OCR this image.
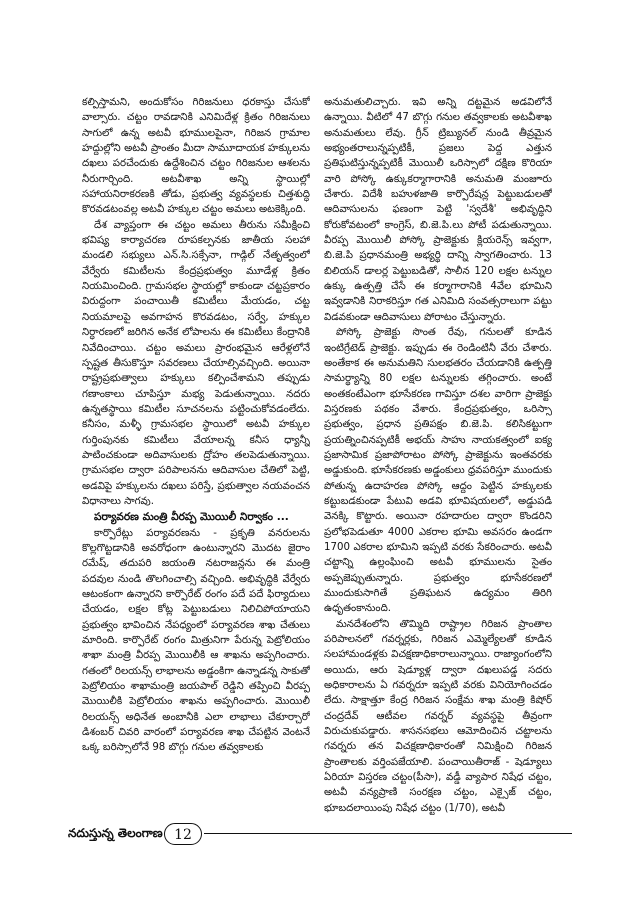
కల్పిస్తామని, అందుకోసం గిరిజనులు ధరకాస్తు చేసుకో వాల్సారు. చట్టం రావడానికి ఎనిమిదేళ్ల క్రితం గిరిజనులు సాగులో ఉన్న అటవీ భూములపైనా, గిరిజన గ్రామాల హద్దుల్లోని అటవీ ప్రాంతం మీదా సామూదాయక హక్కులను దఖలు పరచేందుకు ఉద్దేశించిన చట్టం గిరిజనుల ఆశలను నీరుగార్చింది. అటవీశాఖ అన్ని స్థాయిల్లో సహాయనిరాకరణకి తోడు, ప్రభుత్వ వ్యవస్థలకు చిత్తశుద్ధి కొరవడటంవల్ల అటవీ హక్కుల చట్టం అమలు అటకెక్కింది.

దేశ వ్యాప్తంగా ఈ చట్టం అమలు తీరును సమీక్షించి భవిష్య కార్యాచరణ రూపకల్పనకు జాతీయ సలహా మండలి సభ్యులు ఎన్.సి.సక్సేనా, గాడ్గిల్ నేతృత్వంలో వేర్వేరు కమిటీలను కేంద్రప్రభుత్వం మూడేళ్ల క్రితం నియమించింది. గ్రామసభల స్థాయల్లో కాకుండా చట్టప్రకారం విరుద్దంగా పంచాయితీ కమిటీలు మేయడం, చట్ట నియమాలపై అవగాహన కొరవడటం, సర్వే, హక్కుల నిర్ధారణలో జరిగిన అనేక లోపాలను ఈ కమిటీలు కేంద్రానికి నివేదించాయి. చట్టం అమలు ప్రారంభమైన ఆరేళ్లలోనే స్పష్టత తీసుకొస్తూ సవరణలు చేయాల్సివచ్చింది. అయినా రాష్ట్రప్రభుత్వాలు హక్కులు కల్పించేశామని తప్పుడు గణాంకాలు చూపిస్తూ మభ్య పెడుతున్నాయి. నదరు ఉన్నతస్థాయి కమిటీల సూచనలను పట్టించుకోవడంలేదు. కనీసం, మళ్ళీ గ్రామసభల స్థాయిలో అటవీ హక్కుల గుర్తింపునకు కమిటీలు వేయాలన్న కనీస ధ్యాన్నీ పాటించకుండా అదివాసులకు ద్రోహం తలపెడుతున్నాయి. గ్రామసభల ద్వారా పరిపాలనను ఆదివాసుల చేతిలో పెట్టి, అడవిపై హక్కులను దఖలు పరిస్తే, ప్రభుత్వాల నయవంచన విధానాలు సాగవు.

పర్యావరణ మంత్రి వీరప్ప మొయిలీ నిర్వాకం ...

కార్పొరేట్లు పర్యావరణను - ప్రకృతి వనరులను కొల్లగొట్టడానికి అవరోధంగా ఉంటున్నారని మొదట జైరాం రమేష్, తదుపరి జయంతి నటరాజన్లను ఈ మంత్రి పదవుల నుండి తొలగించాల్సి వచ్చింది. అభివృద్ధికి వేర్వేరు ఆటంకంగా ఉన్నారని కార్పొరేట్ రంగం పదే పదే ఫిర్యాదులు చేయడం, లక్షల కోట్ల పెట్టుబడులు నిలిచిపోయాయని ప్రభుత్వం భావించిన నేపధ్యంలో పర్యావరణ శాఖ చేతులు మారింది. కార్పొరేట్ రంగం మిత్రునిగా పేరున్న పెట్రోలియం శాఖా మంత్రి వీరప్ప మొయిలీకి ఆ శాఖను అప్పగించారు. గతంలో రిలయన్స్ లాభాలను అడ్డంకిగా ఉన్నాడన్న సాకుతో పెట్రోలియం శాఖామంత్రి జయపాల్ రెడ్డిని తప్పించి వీరప్ప మొయిలీకి పెట్రోలియం శాఖను అప్పగించారు. మొయిలీ రిలయన్స్ అధినేత అంబానీకి ఎలా లాభాలు చేకూర్చారో డిశంబర్ చివరి వారంలో పర్యావరణ శాఖ చేపట్టిన వెంటనే ఒక్క బరిస్సాలోనే 98 బొగ్గు గనుల తవ్వకాలకు

అనుమతులిచ్చారు. ఇవి అన్ని దట్టమైన అడవిలోనే ఉన్నాయి. వీటిలో 47 బొగ్గు గనుల తవ్వకాలకు అటవీశాఖ అనుమతులు లేవు. గ్రీన్ ట్రిబ్యునల్ నుండి తీవ్రమైన అభ్యంతరాలున్నప్పటికీ, ప్రజలు పెద్ద ఎత్తున ప్రతిఘటిస్తున్నప్పటికీ మొయిలీ ఒరిస్సాలో దక్షిణ కొరియా వారి పోస్కో ఉక్కుకర్మాగారానికి అనుమతి మంజూరు చేశారు. విదేశీ బహుళజాతి కార్పొరేషన్ల పెట్టుబడులతో ఆదివాసులను ఫణంగా పెట్టి 'స్వదేశీ' అభివృద్ధిని కోరుకోవటంలో కాంగ్రెస్, బి.జె.పి.లు పోటీ పడుతున్నాయి. వీరప్ప మొయిలీ పోస్కో ప్రాజెక్టుకు క్లియరెన్స్ ఇవ్వగా, బి.జె.పి ప్రధానమంత్రి అభ్యర్థి దాన్ని స్వాగతించారు. 13 బిలియన్ డాలర్ల పెట్టుబడితో, సాలీన 120 లక్షల టన్నుల ఉక్కు ఉత్పత్తి చేసే ఈ కర్మాగారానికి 4వేల భూమిని ఇవ్వడానికి నిరాకరిస్తూ గత ఎనిమిది సంవత్సరాలుగా పట్టు విడవకుండా ఆదివాసులు పోరాటం చేస్తున్నారు.

పోస్కో ప్రాజెక్టు సొంత రేవు, గనులతో కూడిన ఇంటిగ్రేటెడ్ ప్రాజెక్టు. ఇప్పుడు ఈ రెండింటినీ వేరు చేశారు. అంతేకాక ఈ అనుమతిని సులభతరం చేయడానికి ఉత్పత్తి సామర్థ్యాన్ని 80 లక్షల టన్నులకు తగ్గించారు. అంటే అంతకంటేఎంగా భూసేకరణ గావిస్తూ దశల వారిగా ప్రాజెక్టు విస్తరణకు పథకం వేశారు. కేంద్రప్రభుత్వం, ఒరిస్సా ప్రభుత్వం, ప్రధాన ప్రతిపక్షం బి.జె.పి. కలిసికట్టుగా ప్రయత్నించినప్పటికీ అభయ్ సాహు నాయకత్వంలో ఐక్య ప్రజాసామిక ప్రజాపోరాటం పోస్కో ప్రాజెక్టును ఇంతవరకు అడ్డుకుంది. భూసేకరణకు అడ్డంకులు ధ్రవపరిస్తూ ముందుకు పోతున్న ఉదాహరణ పోస్కో ఆద్దం పెట్టిన హక్కులకు కట్టుబడకుండా పేటువి అడవి భూవిషయలలో, అడ్డుపడి వెనక్కి కొట్టారు. అయినా రహదారుల ద్వారా కొండరిని ప్రలోభపెడుతూ 4000 ఎకరాల భూమి అవసరం ఉండగా 1700 ఎకరాల భూమిని ఇప్పటి వరకు సేకరించారు. అటవీ చట్టాన్ని ఉల్లంఘించి అటవీ భూములను సైతం అప్పజెప్పుతున్నారు. ప్రభుత్వం భూసేకరణలో ముందుకుసాగితే ప్రతిఘటన ఉద్యమం తిరిగి ఉధృతంకానుంది.

మనదేశంలోని తొమ్మిది రాష్ట్రాల గిరిజన ప్రాంతాల పరిపాలనలో గవర్నర్లకు, గిరిజన ఎమ్మెల్యేలతో కూడిన సలహామండళ్లకు విచక్షణాధికారాలున్నాయి. రాజ్యాంగంలోని అయిదు, ఆరు షెడ్యూళ్ల ద్వారా దఖలుపడ్డ సదరు అధికారాలను ఏ గవర్నరూ ఇప్పటి వరకు వినియోగించడం లేదు. సాక్షాత్తూ కేంద్ర గిరిజన సంక్షేమ శాఖ మంత్రి కిషోర్ చంద్రదేవ్ ఆటీవల గవర్నర్ వ్యవస్థపై తీవ్రంగా విరుచుకుపడ్డారు. శాసనసభలు ఆమోదించిన చట్టాలను గవర్నరు తన విచక్షణాధికారంతో నిమిక్షించి గిరిజన ప్రాంతాలకు వర్తింపజేయాలి. పంచాయితీరాజ్ - షెడ్యూలు ఏరియా విస్తరణ చట్టం(పీసా), వడ్డీ వ్యాపార నిషేధ చట్టం, అటవీ వన్యప్రాణి సంరక్షణ చట్టం, ఎక్సైజ్ చట్టం, భూబదలాయింపు నిషేధ చట్టం (1/70), అటవీ

నదుస్తున్న తెలంగాణ 12
